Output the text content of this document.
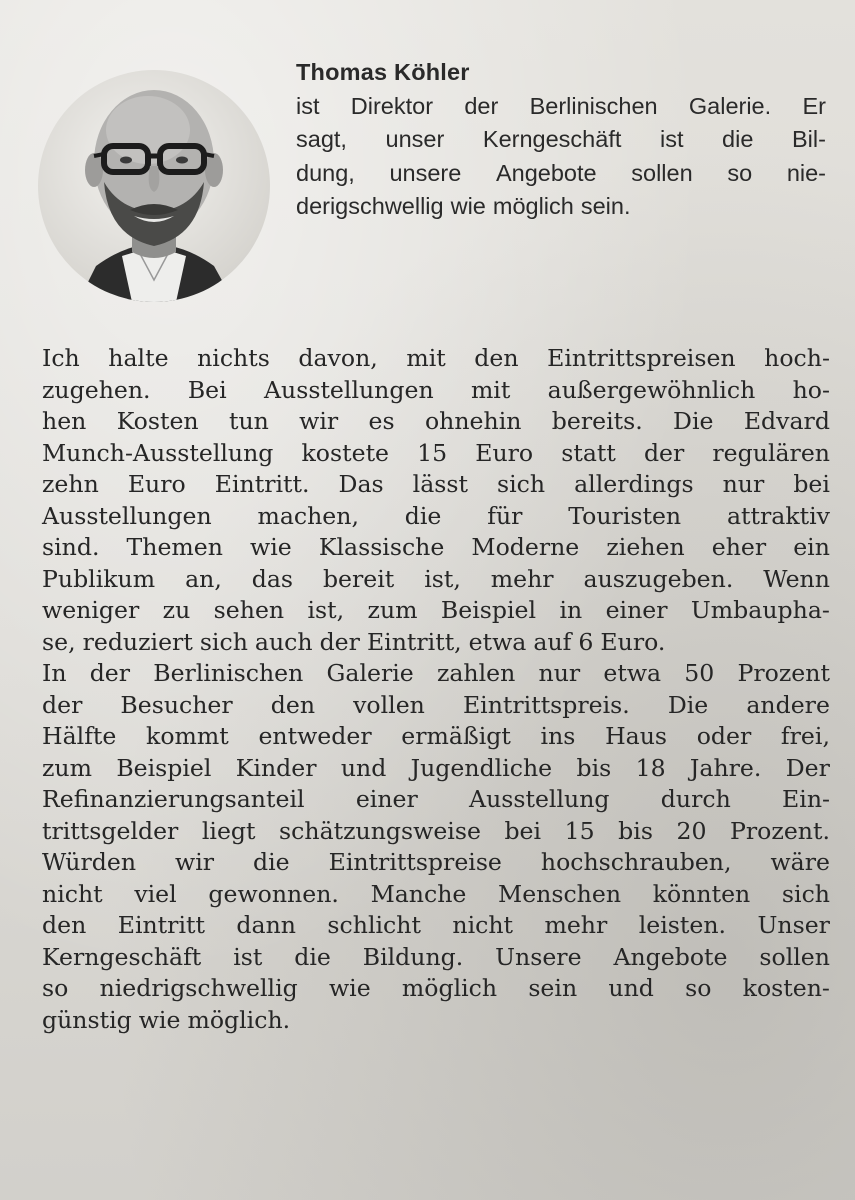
Thomas Köhler
ist Direktor der Berlinischen Galerie. Er
sagt, unser Kerngeschäft ist die Bil-
dung, unsere Angebote sollen so nie-
derigschwellig wie möglich sein.
Ich halte nichts davon, mit den Eintrittspreisen hoch-
zugehen. Bei Ausstellungen mit außergewöhnlich ho-
hen Kosten tun wir es ohnehin bereits. Die Edvard
Munch-Ausstellung kostete 15 Euro statt der regulären
zehn Euro Eintritt. Das lässt sich allerdings nur bei
Ausstellungen machen, die für Touristen attraktiv
sind. Themen wie Klassische Moderne ziehen eher ein
Publikum an, das bereit ist, mehr auszugeben. Wenn
weniger zu sehen ist, zum Beispiel in einer Umbaupha-
se, reduziert sich auch der Eintritt, etwa auf 6 Euro.
In der Berlinischen Galerie zahlen nur etwa 50 Prozent
der Besucher den vollen Eintrittspreis. Die andere
Hälfte kommt entweder ermäßigt ins Haus oder frei,
zum Beispiel Kinder und Jugendliche bis 18 Jahre. Der
Refinanzierungsanteil einer Ausstellung durch Ein-
trittsgelder liegt schätzungsweise bei 15 bis 20 Prozent.
Würden wir die Eintrittspreise hochschrauben, wäre
nicht viel gewonnen. Manche Menschen könnten sich
den Eintritt dann schlicht nicht mehr leisten. Unser
Kerngeschäft ist die Bildung. Unsere Angebote sollen
so niedrigschwellig wie möglich sein und so kosten-
günstig wie möglich.
